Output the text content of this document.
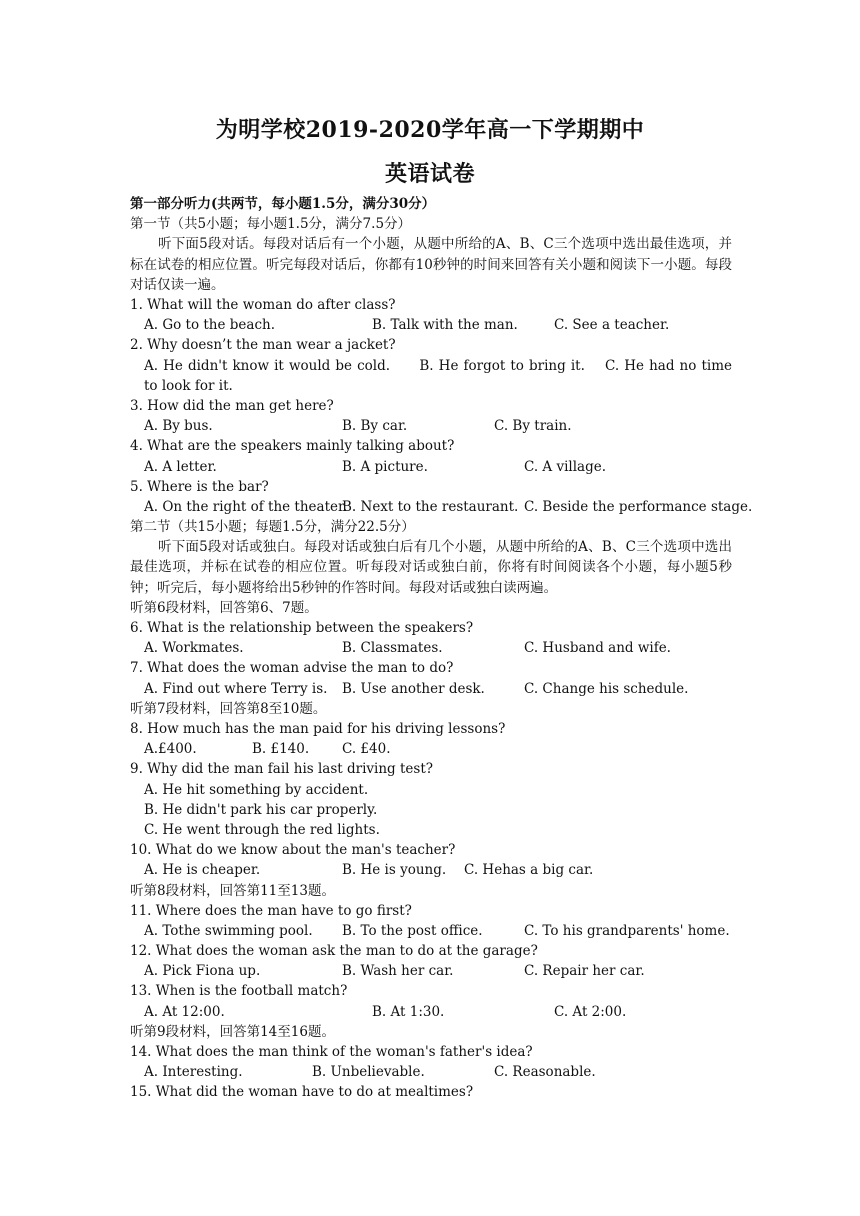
为明学校2019-2020学年高一下学期期中
英语试卷
第一部分听力(共两节，每小题1.5分，满分30分）
第一节（共5小题；每小题1.5分，满分7.5分）
听下面5段对话。每段对话后有一个小题，从题中所给的A、B、C三个选项中选出最佳选项，并标在试卷的相应位置。听完每段对话后，你都有10秒钟的时间来回答有关小题和阅读下一小题。每段对话仅读一遍。
1. What will the woman do after class?
A. Go to the beach.	B. Talk with the man.	C. See a teacher.
2. Why doesn’t the man wear a jacket?
A. He didn't know it would be cold.　　B. He forgot to bring it.　 C. He had no time to look for it.
3. How did the man get here?
A. By bus.	B. By car.	C. By train.
4. What are the speakers mainly talking about?
A. A letter.	B. A picture.	C. A village.
5. Where is the bar?
A. On the right of the theater.
B. Next to the restaurant. C. Beside the performance stage.
第二节（共15小题；每题1.5分，满分22.5分）
听下面5段对话或独白。每段对话或独白后有几个小题，从题中所给的A、B、C三个选项中选出最佳选项，并标在试卷的相应位置。听每段对话或独白前，你将有时间阅读各个小题，每小题5秒钟；听完后，每小题将给出5秒钟的作答时间。每段对话或独白读两遍。
听第6段材料，回答第6、7题。
6. What is the relationship between the speakers?
A. Workmates.	B. Classmates.	C. Husband and wife.
7. What does the woman advise the man to do?
A. Find out where Terry is. B. Use another desk.	C. Change his schedule.
听第7段材料，回答第8至10题。
8. How much has the man paid for his driving lessons?
A.£400.	B. £140. C. £40.
9. Why did the man fail his last driving test?
A. He hit something by accident.
B. He didn't park his car properly.
C. He went through the red lights.
10. What do we know about the man's teacher?
A. He is cheaper.	B. He is young. C. Hehas a big car.
听第8段材料，回答第11至13题。
11. Where does the man have to go first?
A. Tothe swimming pool. B. To the post office.	C. To his grandparents' home.
12. What does the woman ask the man to do at the garage?
A. Pick Fiona up.	B. Wash her car.	C. Repair her car.
13. When is the football match?
A. At 12:00.	B. At 1:30.	C. At 2:00.
听第9段材料，回答第14至16题。
14. What does the man think of the woman's father's idea?
A. Interesting.	B. Unbelievable.	C. Reasonable.
15. What did the woman have to do at mealtimes?
